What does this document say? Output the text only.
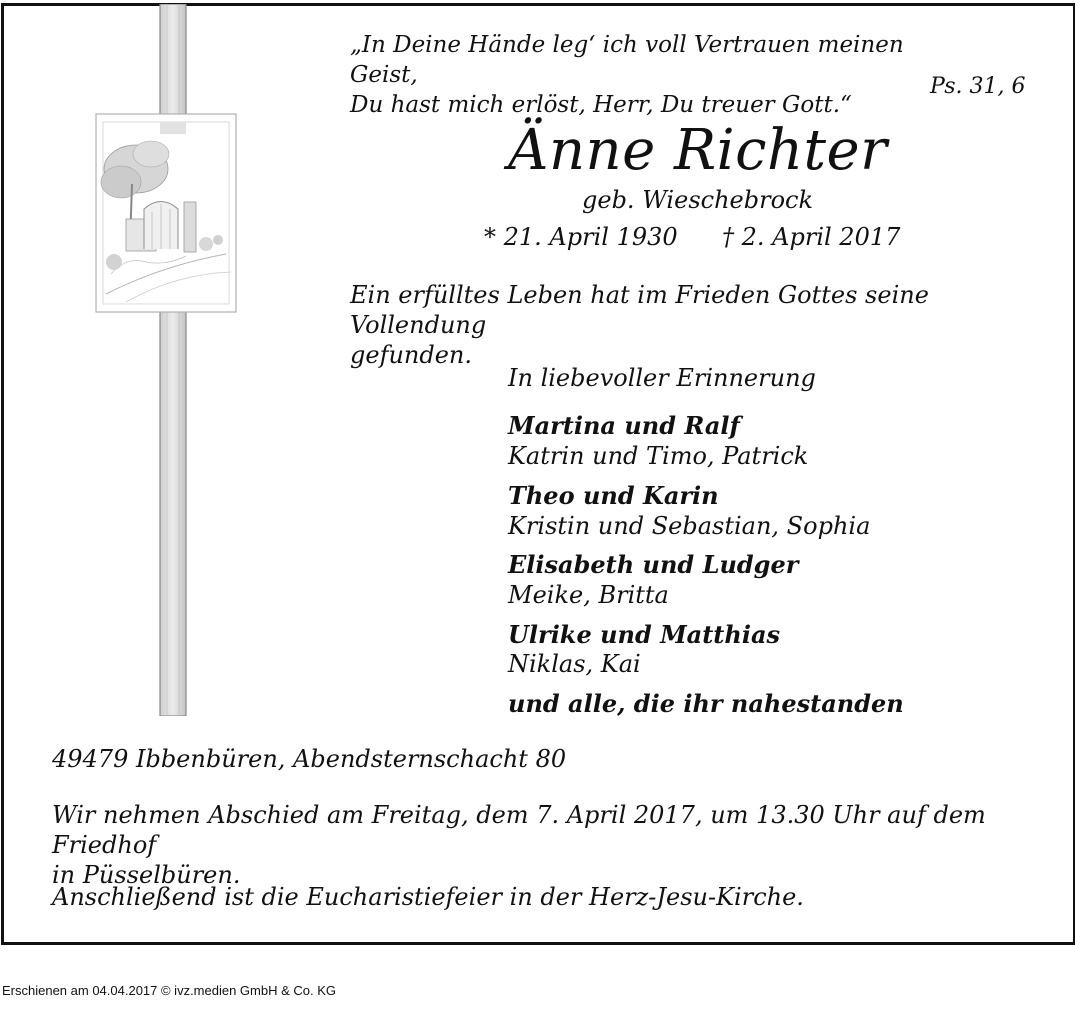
„In Deine Hände leg‘ ich voll Vertrauen meinen Geist,
Du hast mich erlöst, Herr, Du treuer Gott.“

Ps. 31, 6

Änne Richter

geb. Wieschebrock

* 21. April 1930 † 2. April 2017

Ein erfülltes Leben hat im Frieden Gottes seine Vollendung
gefunden.

In liebevoller Erinnerung

Martina und Ralf

Katrin und Timo, Patrick

Theo und Karin

Kristin und Sebastian, Sophia

Elisabeth und Ludger

Meike, Britta

Ulrike und Matthias

Niklas, Kai

und alle, die ihr nahestanden

49479 Ibbenbüren, Abendsternschacht 80

Wir nehmen Abschied am Freitag, dem 7. April 2017, um 13.30 Uhr auf dem Friedhof
in Püsselbüren.

Anschließend ist die Eucharistiefeier in der Herz-Jesu-Kirche.

Erschienen am 04.04.2017 © ivz.medien GmbH & Co. KG
